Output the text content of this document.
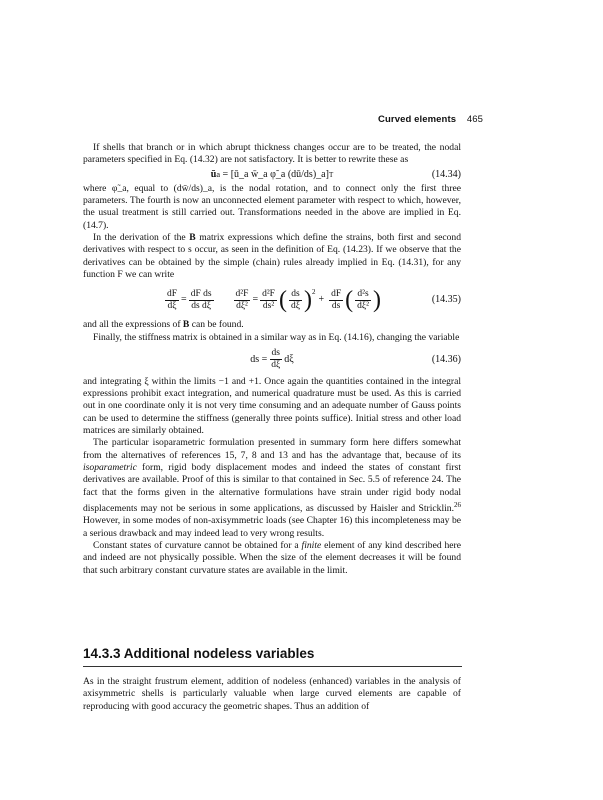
Curved elements 465

If shells that branch or in which abrupt thickness changes occur are to be treated, the nodal parameters specified in Eq. (14.32) are not satisfactory. It is better to rewrite these as

ū a = [ū_a w̄_a φ̃_a (dū/ds)_a] T	(14.34)

where φ̃_a, equal to (dw̄/ds)_a, is the nodal rotation, and to connect only the first three parameters. The fourth is now an unconnected element parameter with respect to which, however, the usual treatment is still carried out. Transformations needed in the above are implied in Eq. (14.7).

In the derivation of the B matrix expressions which define the strains, both first and second derivatives with respect to s occur, as seen in the definition of Eq. (14.23). If we observe that the derivatives can be obtained by the simple (chain) rules already implied in Eq. (14.31), for any function F we can write

$\frac{dF}{d\xi} = \frac{\text{dF ds}}{\text{ds dξ}} \frac{\text{d²F}}{\text{dξ²}} = \frac{\text{d²F}}{\text{ds²}}$ ( $\frac{ds}{d\xi} )^2$
+ $\frac{dF}{ds}$ ( $\frac{\text{d²s}}{\text{dξ²}}$ )	(14.35)

and all the expressions of B can be found.

Finally, the stiffness matrix is obtained in a similar way as in Eq. (14.16), changing the variable

ds = $\frac{ds}{d\xi}$ dξ	(14.36)

and integrating ξ within the limits −1 and +1. Once again the quantities contained in the integral expressions prohibit exact integration, and numerical quadrature must be used. As this is carried out in one coordinate only it is not very time consuming and an adequate number of Gauss points can be used to determine the stiffness (generally three points suffice). Initial stress and other load matrices are similarly obtained.

The particular isoparametric formulation presented in summary form here differs somewhat from the alternatives of references 15, 7, 8 and 13 and has the advantage that, because of its isoparametric form, rigid body displacement modes and indeed the states of constant first derivatives are available. Proof of this is similar to that contained in Sec. 5.5 of reference 24. The fact that the forms given in the alternative formulations have strain under rigid body nodal displacements may not be serious in some applications, as discussed by Haisler and Stricklin.$^{26}$ However, in some modes of non-axisymmetric loads (see Chapter 16) this incompleteness may be a serious drawback and may indeed lead to very wrong results.

Constant states of curvature cannot be obtained for a finite element of any kind described here and indeed are not physically possible. When the size of the element decreases it will be found that such arbitrary constant curvature states are available in the limit.

14.3.3 Additional nodeless variables

As in the straight frustrum element, addition of nodeless (enhanced) variables in the analysis of axisymmetric shells is particularly valuable when large curved elements are capable of reproducing with good accuracy the geometric shapes. Thus an addition of
